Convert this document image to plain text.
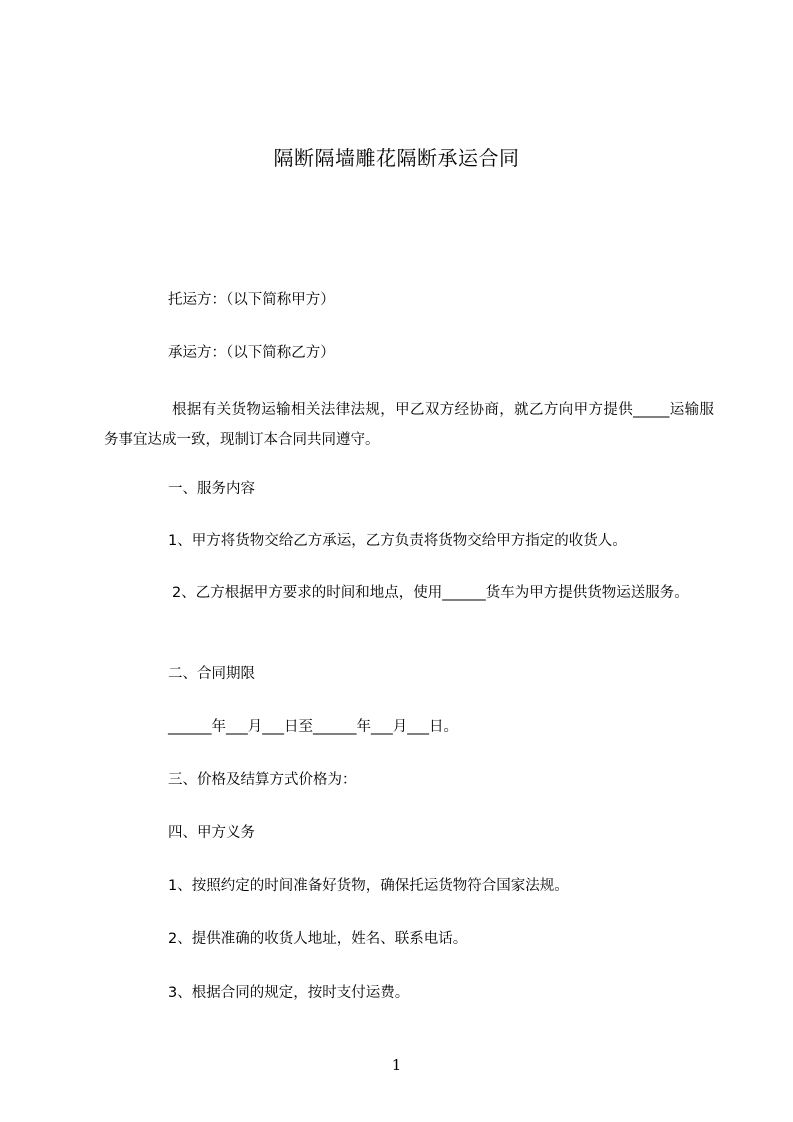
隔断隔墙雕花隔断承运合同
托运方：（以下简称甲方）
承运方：（以下简称乙方）
根据有关货物运输相关法律法规，甲乙双方经协商，就乙方向甲方提供_____运输服务事宜达成一致，现制订本合同共同遵守。
一、服务内容
1、甲方将货物交给乙方承运，乙方负责将货物交给甲方指定的收货人。
2、乙方根据甲方要求的时间和地点，使用______货车为甲方提供货物运送服务。
二、合同期限
______年___月___日至______年___月___日。
三、价格及结算方式价格为：
四、甲方义务
1、按照约定的时间准备好货物，确保托运货物符合国家法规。
2、提供准确的收货人地址，姓名、联系电话。
3、根据合同的规定，按时支付运费。
1
